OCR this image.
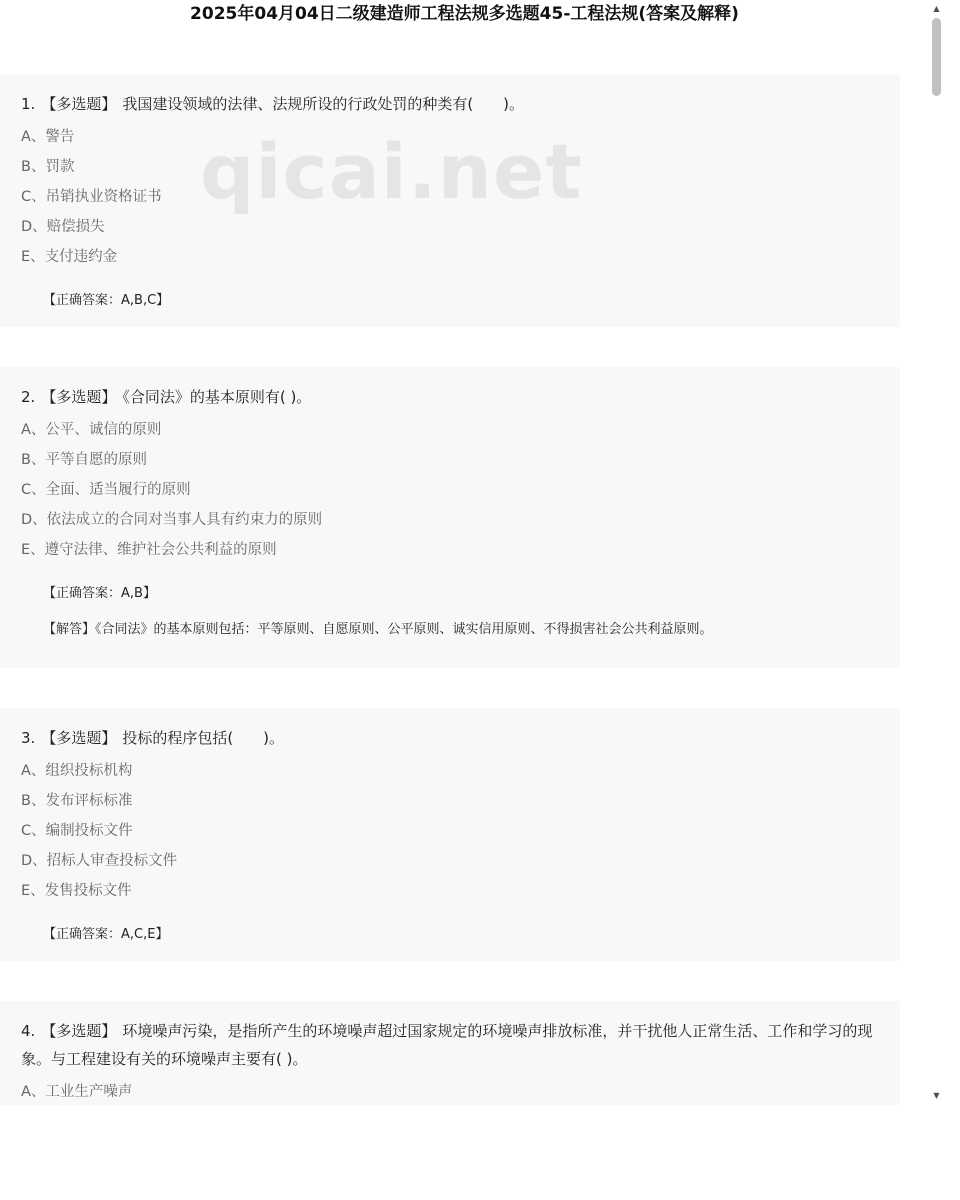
2025年04月04日二级建造师工程法规多选题45-工程法规(答案及解释)
1. 【多选题】 我国建设领域的法律、法规所设的行政处罚的种类有(　　)。
A、警告
B、罚款
C、吊销执业资格证书
D、赔偿损失
E、支付违约金
【正确答案：A,B,C】
2. 【多选题】 《合同法》的基本原则有( )。
A、公平、诚信的原则
B、平等自愿的原则
C、全面、适当履行的原则
D、依法成立的合同对当事人具有约束力的原则
E、遵守法律、维护社会公共利益的原则
【正确答案：A,B】
【解答】《合同法》的基本原则包括：平等原则、自愿原则、公平原则、诚实信用原则、不得损害社会公共利益原则。
3. 【多选题】 投标的程序包括(　　)。
A、组织投标机构
B、发布评标标准
C、编制投标文件
D、招标人审查投标文件
E、发售投标文件
【正确答案：A,C,E】
4. 【多选题】 环境噪声污染，是指所产生的环境噪声超过国家规定的环境噪声排放标准，并干扰他人正常生活、工作和学习的现象。与工程建设有关的环境噪声主要有( )。
A、工业生产噪声
▲
▼
